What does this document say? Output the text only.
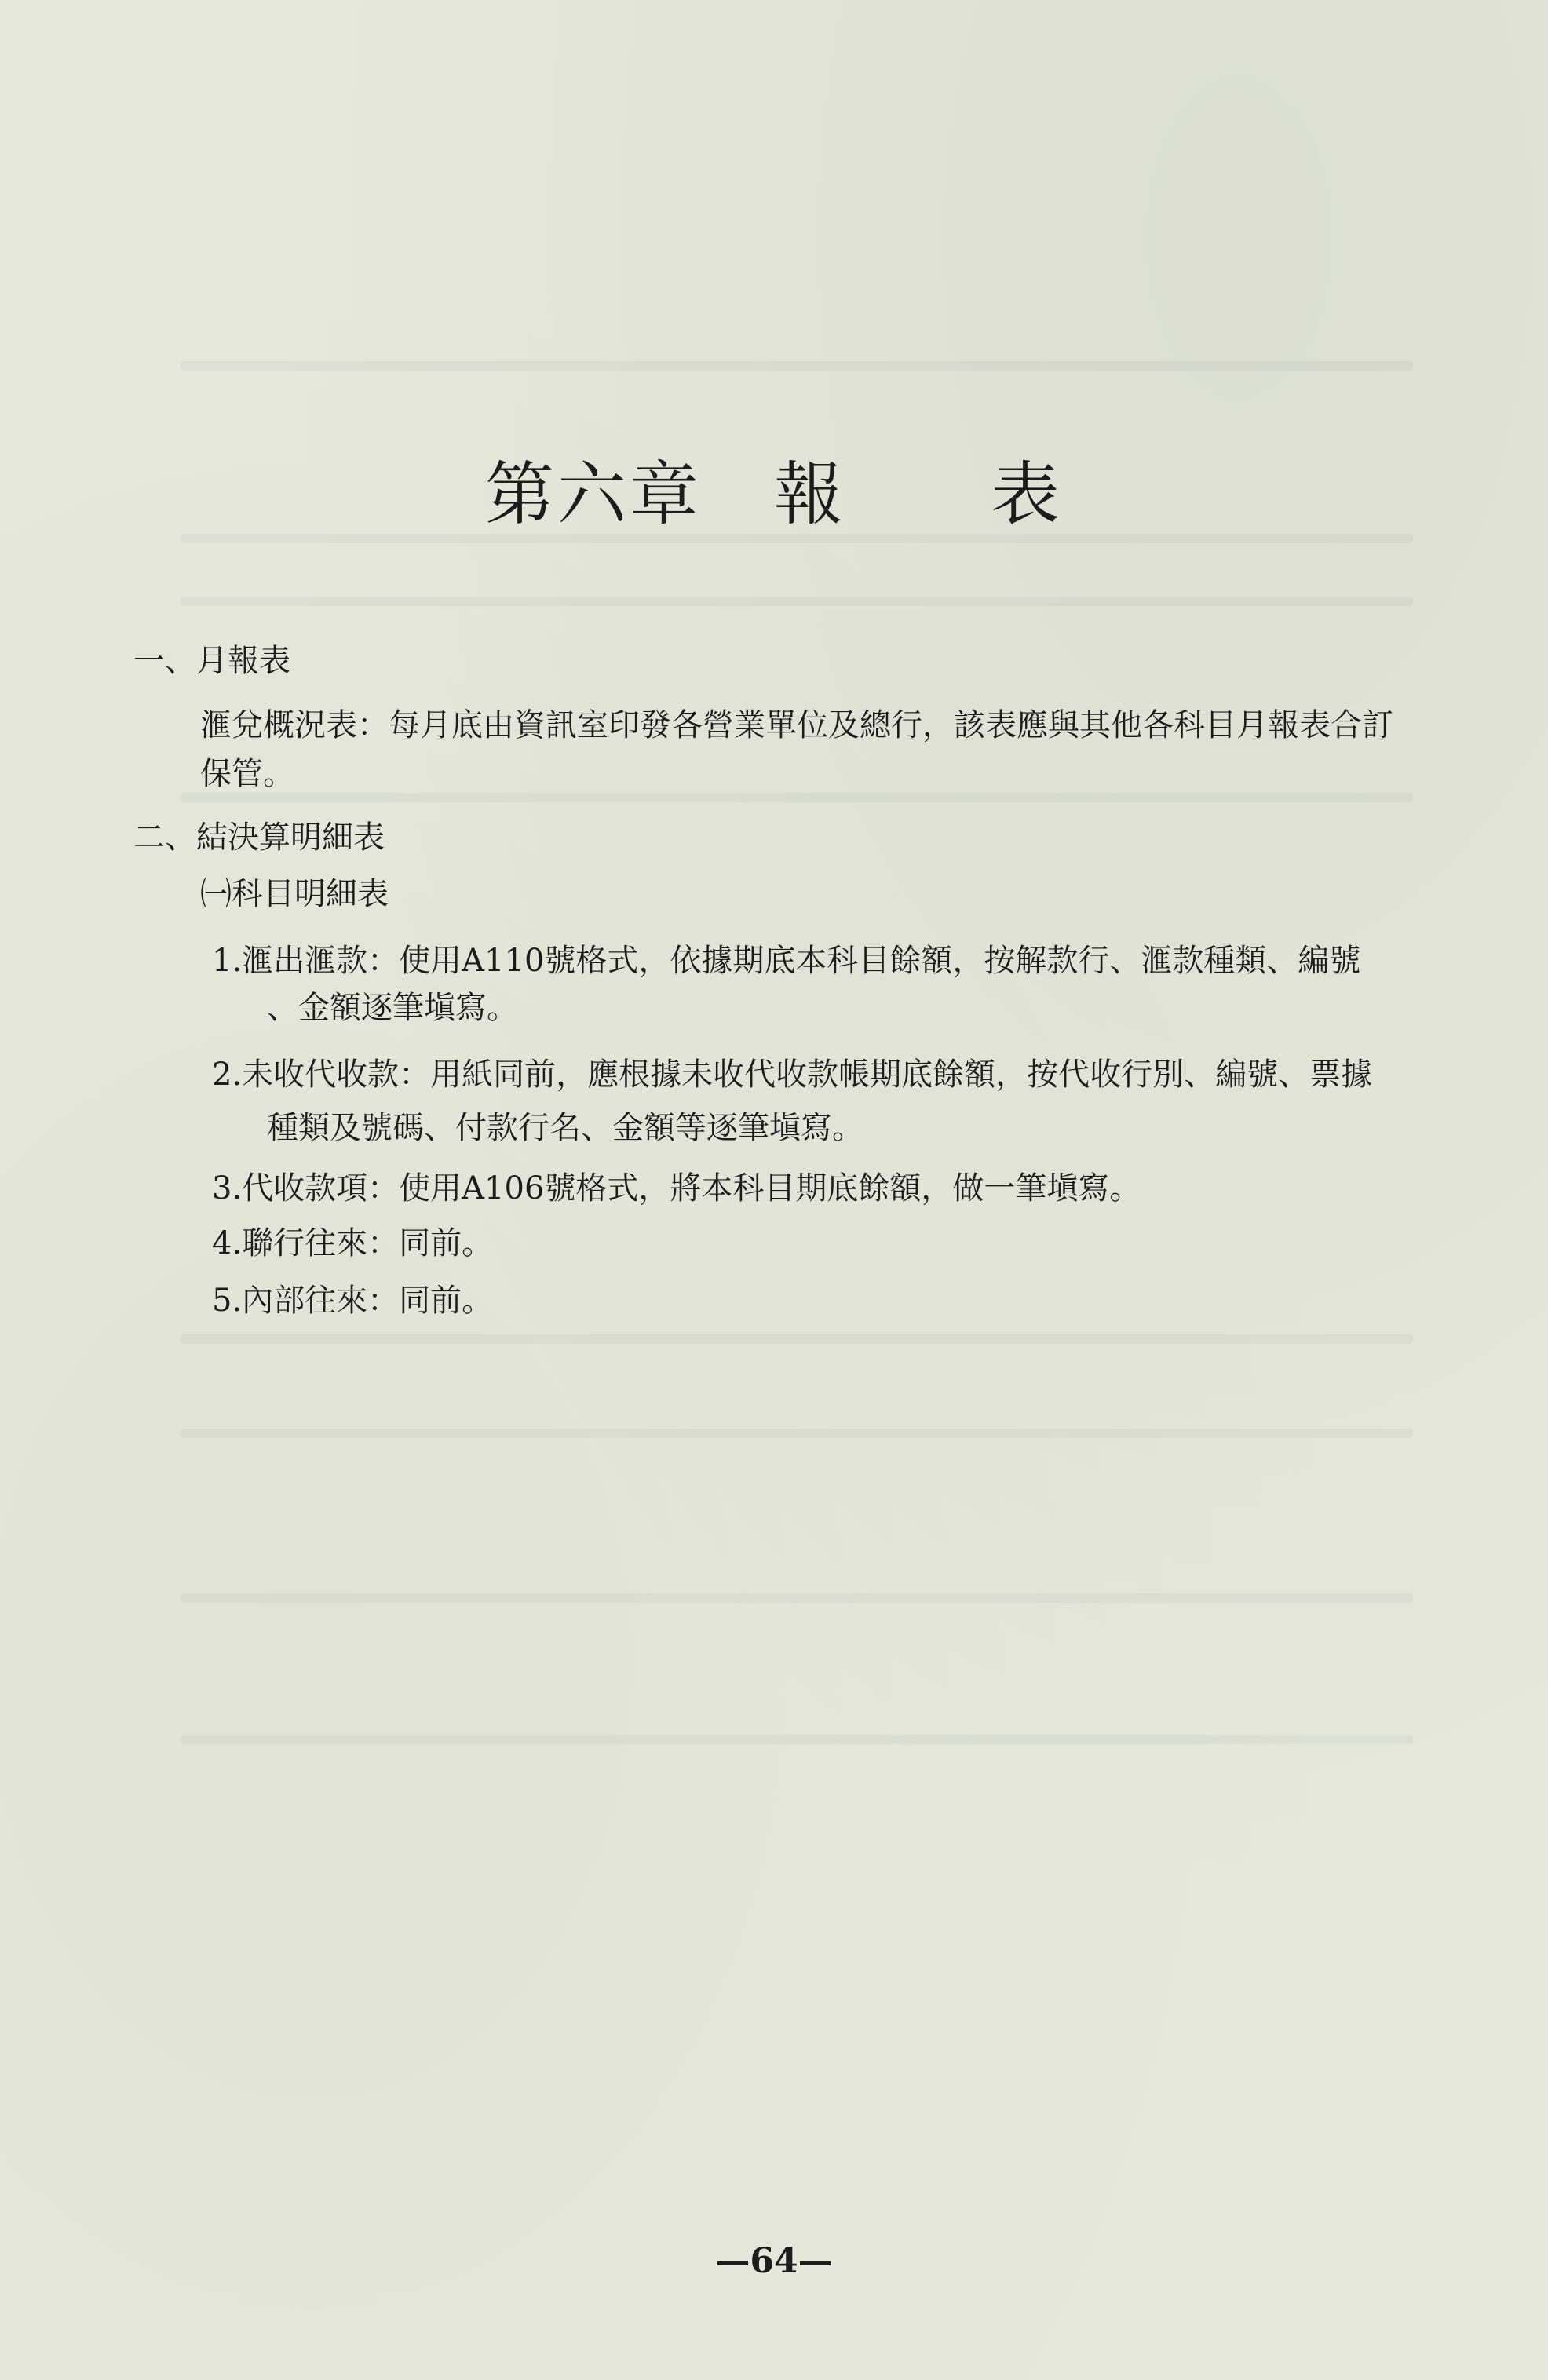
第六章　報　　表
一、月報表
滙兌概況表：每月底由資訊室印發各營業單位及總行，該表應與其他各科目月報表合訂
保管。
二、結決算明細表
㈠科目明細表
1.滙出滙款：使用A110號格式，依據期底本科目餘額，按解款行、滙款種類、編號
、金額逐筆塡寫。
2.未收代收款：用紙同前，應根據未收代收款帳期底餘額，按代收行別、編號、票據
種類及號碼、付款行名、金額等逐筆塡寫。
3.代收款項：使用A106號格式，將本科目期底餘額，做一筆塡寫。
4.聯行往來：同前。
5.內部往來：同前。
—64—
